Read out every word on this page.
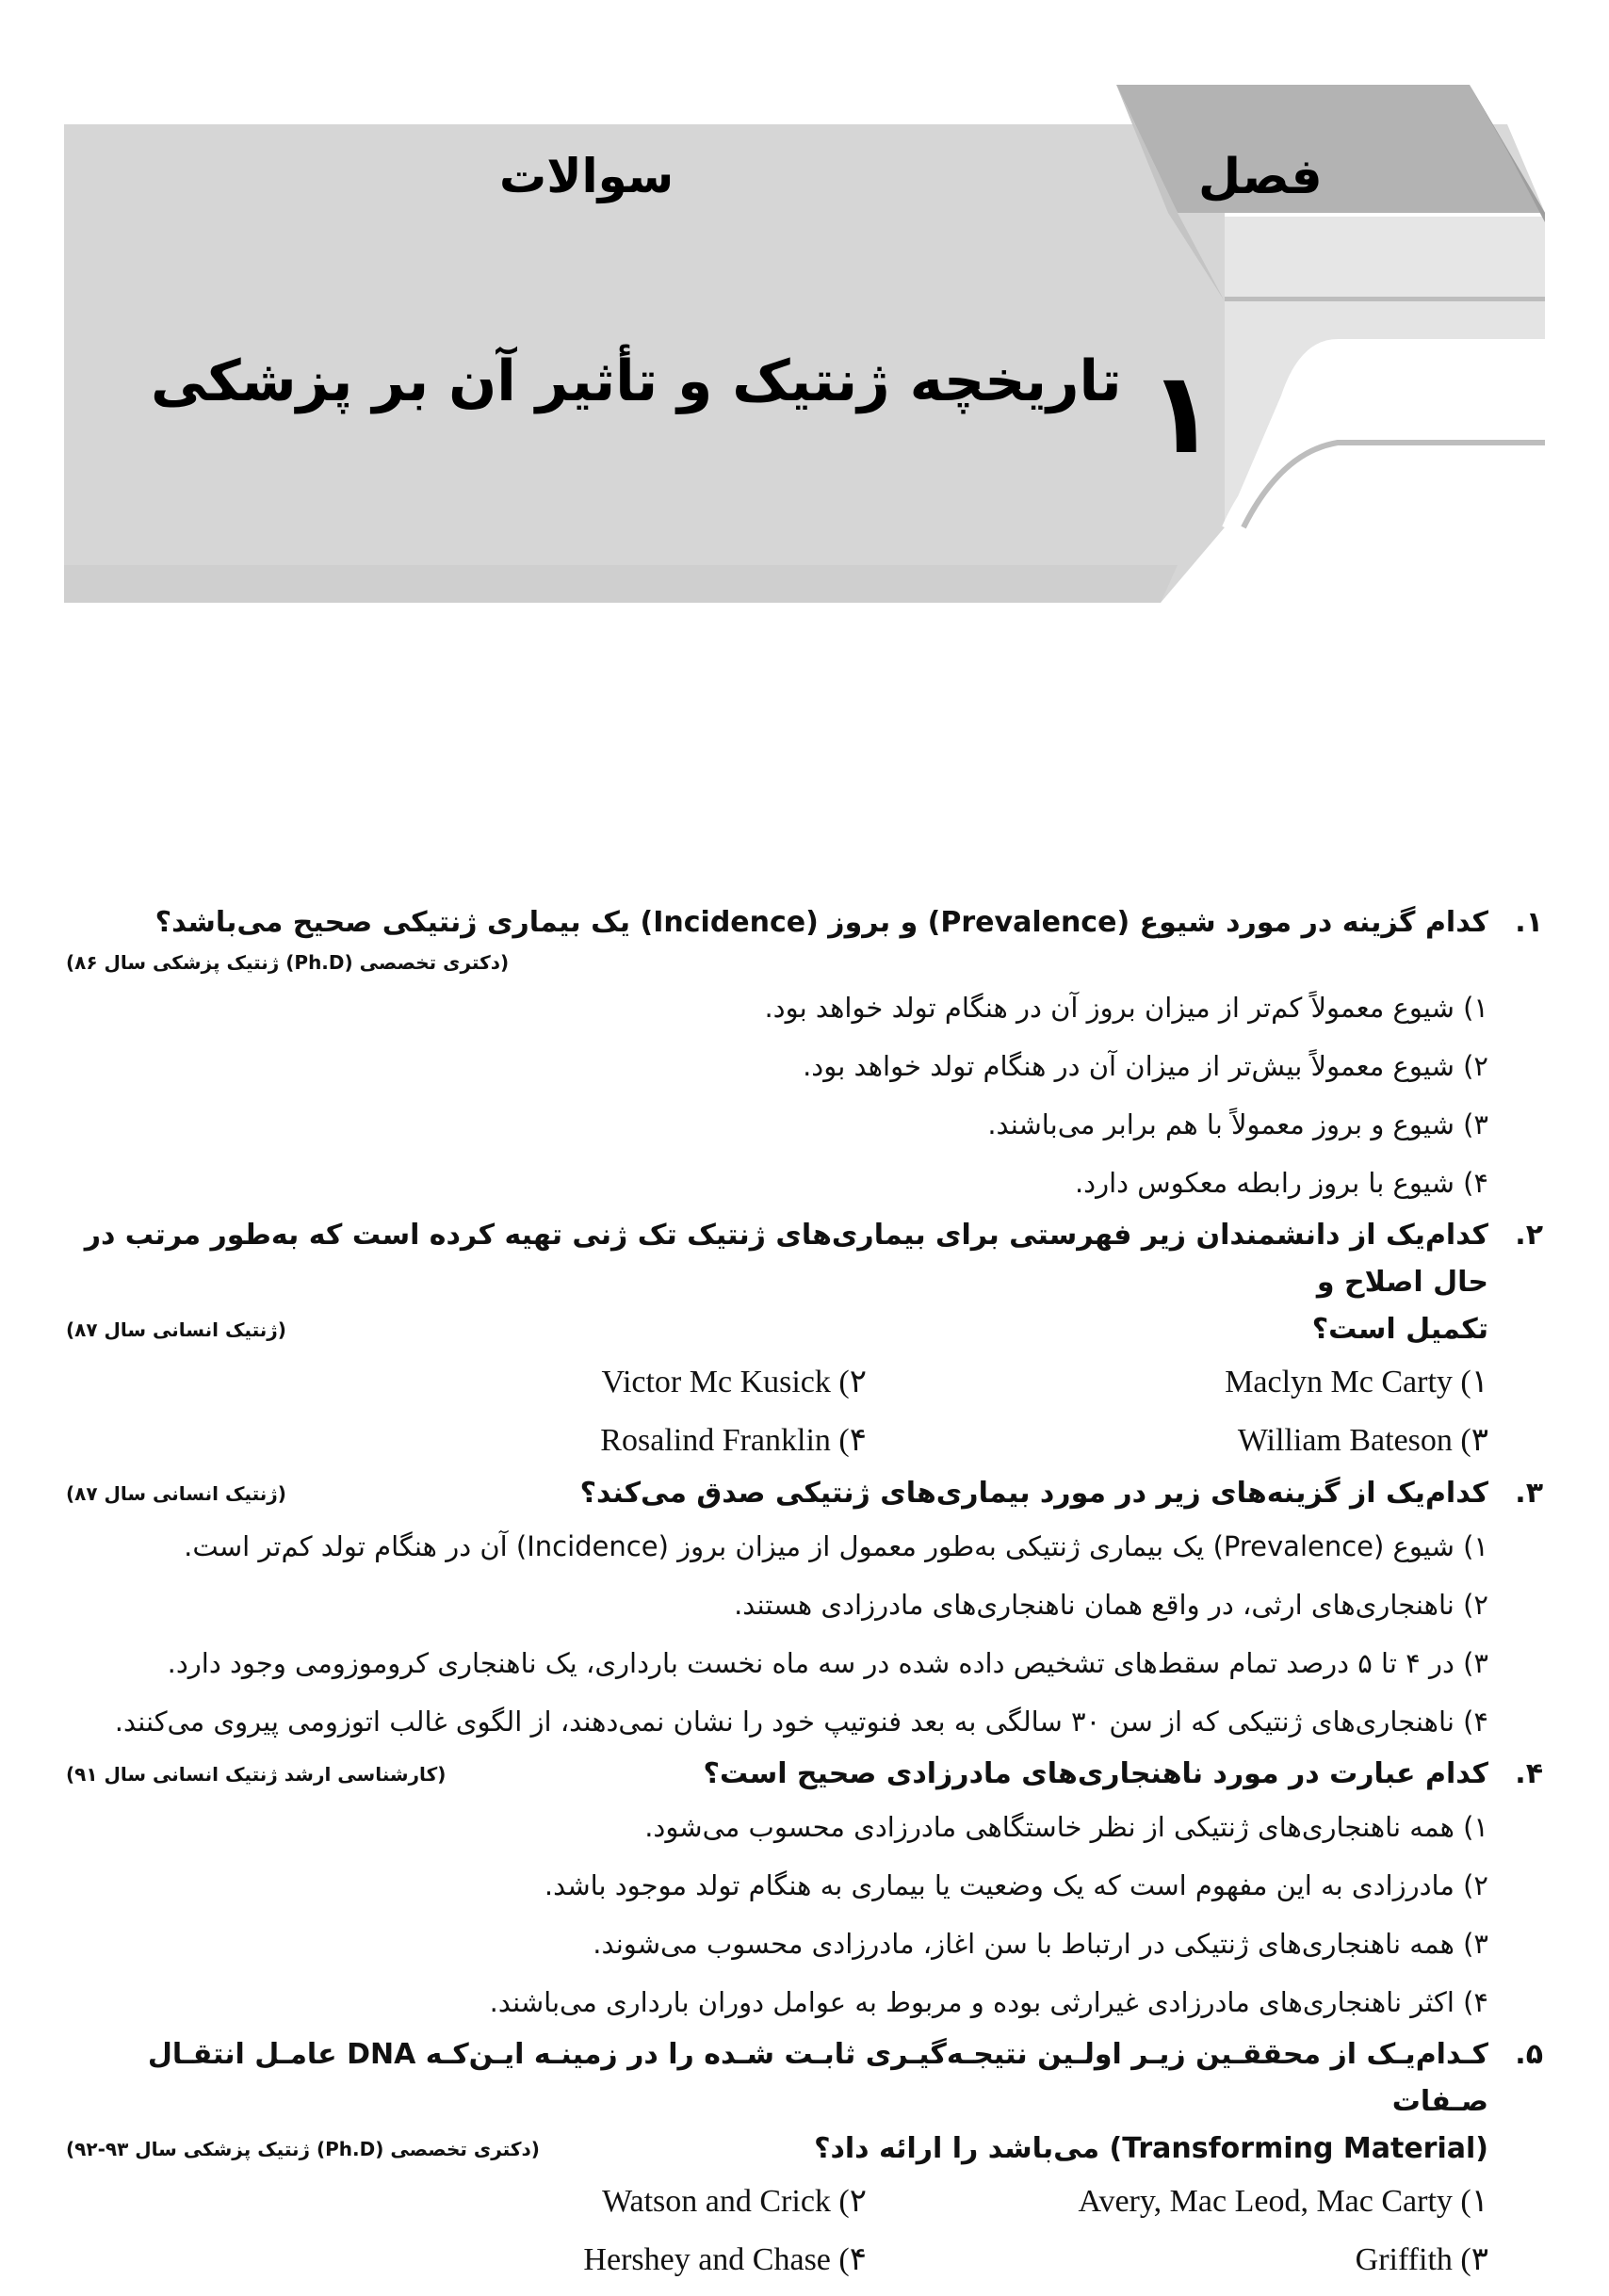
سوالات	فصل
تاریخچه ژنتیک و تأثیر آن بر پزشکی ۱
۱.
کدام گزینه در مورد شیوع (Prevalence) و بروز (Incidence) یک بیماری ژنتیکی صحیح می‌باشد؟
(دکتری تخصصی (Ph.D) ژنتیک پزشکی سال ۸۶)
۱) شیوع معمولاً کم‌تر از میزان بروز آن در هنگام تولد خواهد بود.
۲) شیوع معمولاً بیش‌تر از میزان آن در هنگام تولد خواهد بود.
۳) شیوع و بروز معمولاً با هم برابر می‌باشند.
۴) شیوع با بروز رابطه معکوس دارد.
۲.
کدام‌یک از دانشمندان زیر فهرستی برای بیماری‌های ژنتیک تک ژنی تهیه کرده است که به‌طور مرتب در حال اصلاح و
تکمیل است؟
(ژنتیک انسانی سال ۸۷)
۱) Maclyn Mc Carty
۲) Victor Mc Kusick
۳) William Bateson
۴) Rosalind Franklin
۳.
کدام‌یک از گزینه‌های زیر در مورد بیماری‌های ژنتیکی صدق می‌کند؟
(ژنتیک انسانی سال ۸۷)
۱) شیوع (Prevalence) یک بیماری ژنتیکی به‌طور معمول از میزان بروز (Incidence) آن در هنگام تولد کم‌تر است.
۲) ناهنجاری‌های ارثی، در واقع همان ناهنجاری‌های مادرزادی هستند.
۳) در ۴ تا ۵ درصد تمام سقط‌های تشخیص داده شده در سه ماه نخست بارداری، یک ناهنجاری کروموزومی وجود دارد.
۴) ناهنجاری‌های ژنتیکی که از سن ۳۰ سالگی به بعد فنوتیپ خود را نشان نمی‌دهند، از الگوی غالب اتوزومی پیروی می‌کنند.
۴.
کدام عبارت در مورد ناهنجاری‌های مادرزادی صحیح است؟
(کارشناسی ارشد ژنتیک انسانی سال ۹۱)
۱) همه ناهنجاری‌های ژنتیکی از نظر خاستگاهی مادرزادی محسوب می‌شود.
۲) مادرزادی به این مفهوم است که یک وضعیت یا بیماری به هنگام تولد موجود باشد.
۳) همه ناهنجاری‌های ژنتیکی در ارتباط با سن اغاز، مادرزادی محسوب می‌شوند.
۴) اکثر ناهنجاری‌های مادرزادی غیرارثی بوده و مربوط به عوامل دوران بارداری می‌باشند.
۵.
کـدام‌یـک از محققـین زیـر اولـین نتیجـه‌گیـری ثابـت شـده را در زمینـه ایـن‌کـه DNA عامـل انتقـال صـفات
(Transforming Material) می‌باشد را ارائه داد؟
(دکتری تخصصی (Ph.D) ژنتیک پزشکی سال ۹۳-۹۲)
۱) Avery, Mac Leod, Mac Carty
۲) Watson and Crick
۳) Griffith
۴) Hershey and Chase
